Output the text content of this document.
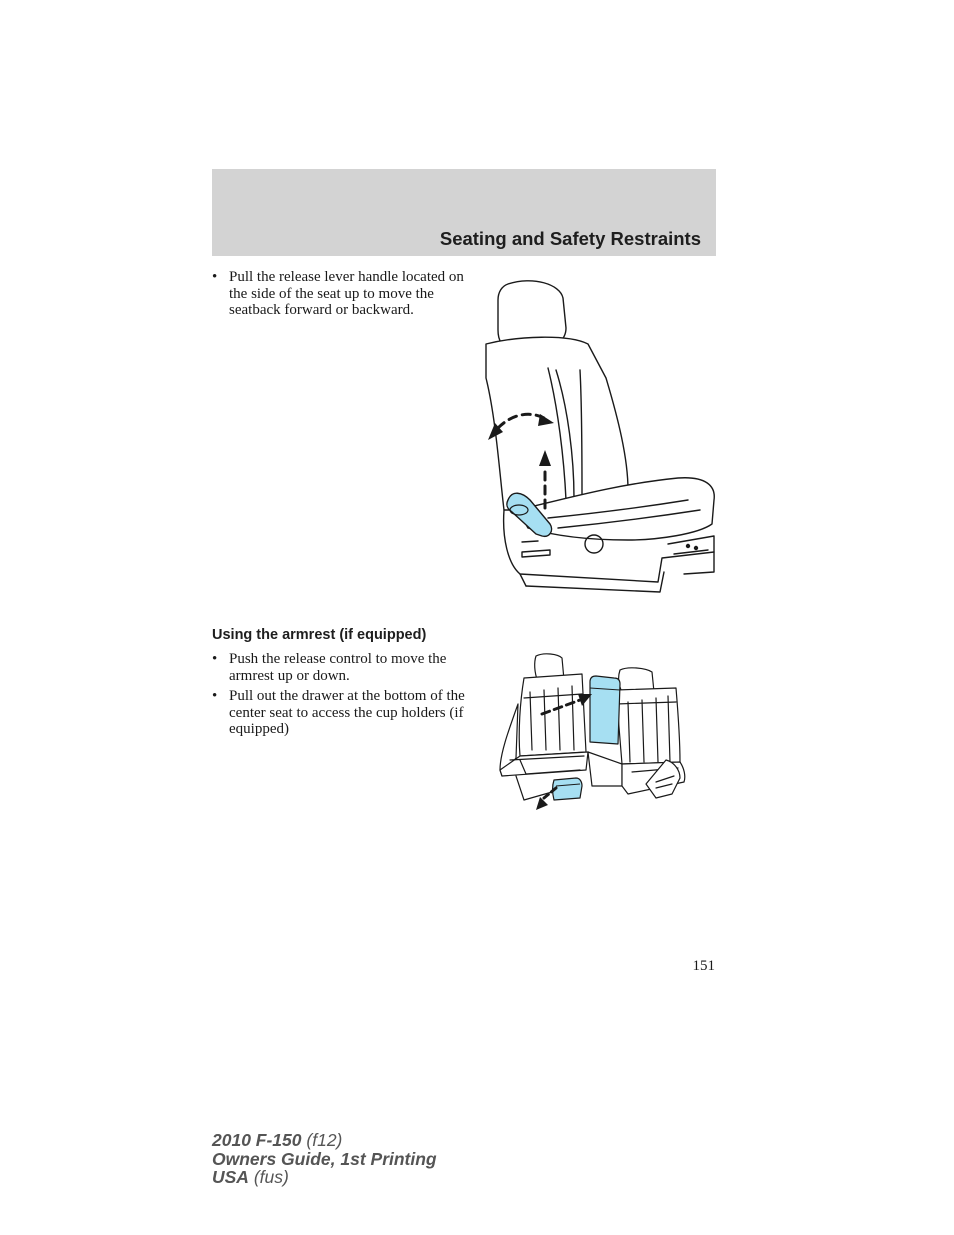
Seating and Safety Restraints
• Pull the release lever handle located on the side of the seat up to move the seatback forward or backward.
Using the armrest (if equipped)
• Push the release control to move the armrest up or down.
• Pull out the drawer at the bottom of the center seat to access the cup holders (if equipped)
151
2010 F-150 (f12)
Owners Guide, 1st Printing
USA (fus)
